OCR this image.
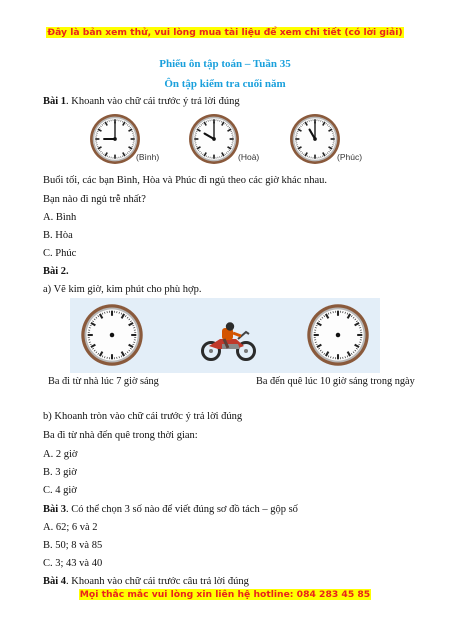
Đây là bản xem thử, vui lòng mua tài liệu để xem chi tiết (có lời giải)
Phiếu ôn tập toán – Tuần 35
Ôn tập kiểm tra cuối năm
Bài 1. Khoanh vào chữ cái trước ý trả lời đúng
(Bình)	(Hoà)	(Phúc)
Buổi tối, các bạn Bình, Hòa và Phúc đi ngủ theo các giờ khác nhau.
Bạn nào đi ngủ trễ nhất?
A. Bình
B. Hòa
C. Phúc
Bài 2.
a) Vẽ kim giờ, kim phút cho phù hợp.
Ba đi từ nhà lúc 7 giờ sáng	Ba đến quê lúc 10 giờ sáng trong ngày
b) Khoanh tròn vào chữ cái trước ý trả lời đúng
Ba đi từ nhà đến quê trong thời gian:
A. 2 giờ
B. 3 giờ
C. 4 giờ
Bài 3. Có thể chọn 3 số nào để viết đúng sơ đồ tách – gộp số
A. 62; 6 và 2
B. 50; 8 và 85
C. 3; 43 và 40
Bài 4. Khoanh vào chữ cái trước câu trả lời đúng
Mọi thắc mắc vui lòng xin liên hệ hotline: 084 283 45 85
